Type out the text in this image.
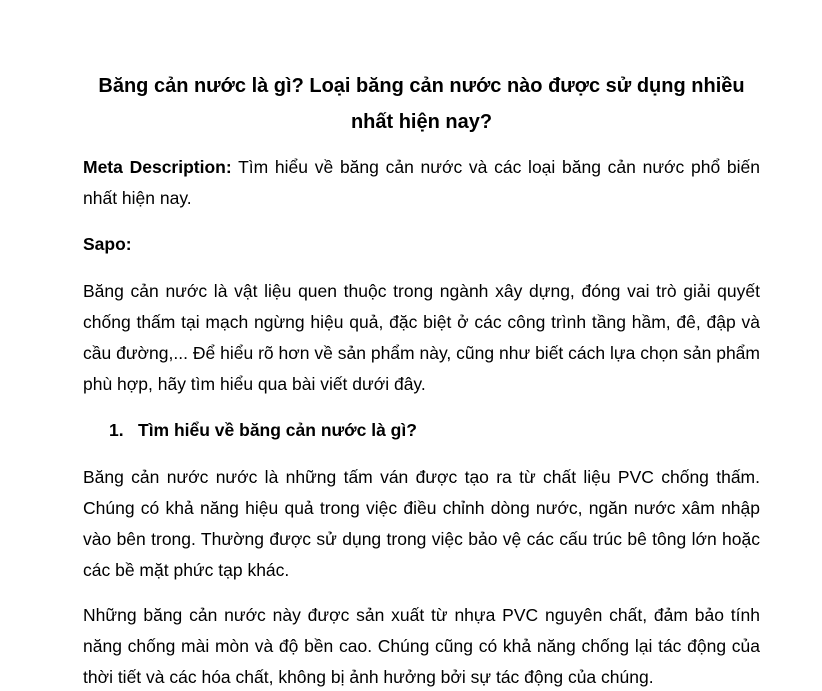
Băng cản nước là gì? Loại băng cản nước nào được sử dụng nhiều nhất hiện nay?

Meta Description: Tìm hiểu về băng cản nước và các loại băng cản nước phổ biến nhất hiện nay.

Sapo:

Băng cản nước là vật liệu quen thuộc trong ngành xây dựng, đóng vai trò giải quyết chống thấm tại mạch ngừng hiệu quả, đặc biệt ở các công trình tầng hầm, đê, đập và cầu đường,... Để hiểu rõ hơn về sản phẩm này, cũng như biết cách lựa chọn sản phẩm phù hợp, hãy tìm hiểu qua bài viết dưới đây.

1. Tìm hiểu về băng cản nước là gì?

Băng cản nước nước là những tấm ván được tạo ra từ chất liệu PVC chống thấm. Chúng có khả năng hiệu quả trong việc điều chỉnh dòng nước, ngăn nước xâm nhập vào bên trong. Thường được sử dụng trong việc bảo vệ các cấu trúc bê tông lớn hoặc các bề mặt phức tạp khác.

Những băng cản nước này được sản xuất từ nhựa PVC nguyên chất, đảm bảo tính năng chống mài mòn và độ bền cao. Chúng cũng có khả năng chống lại tác động của thời tiết và các hóa chất, không bị ảnh hưởng bởi sự tác động của chúng.
